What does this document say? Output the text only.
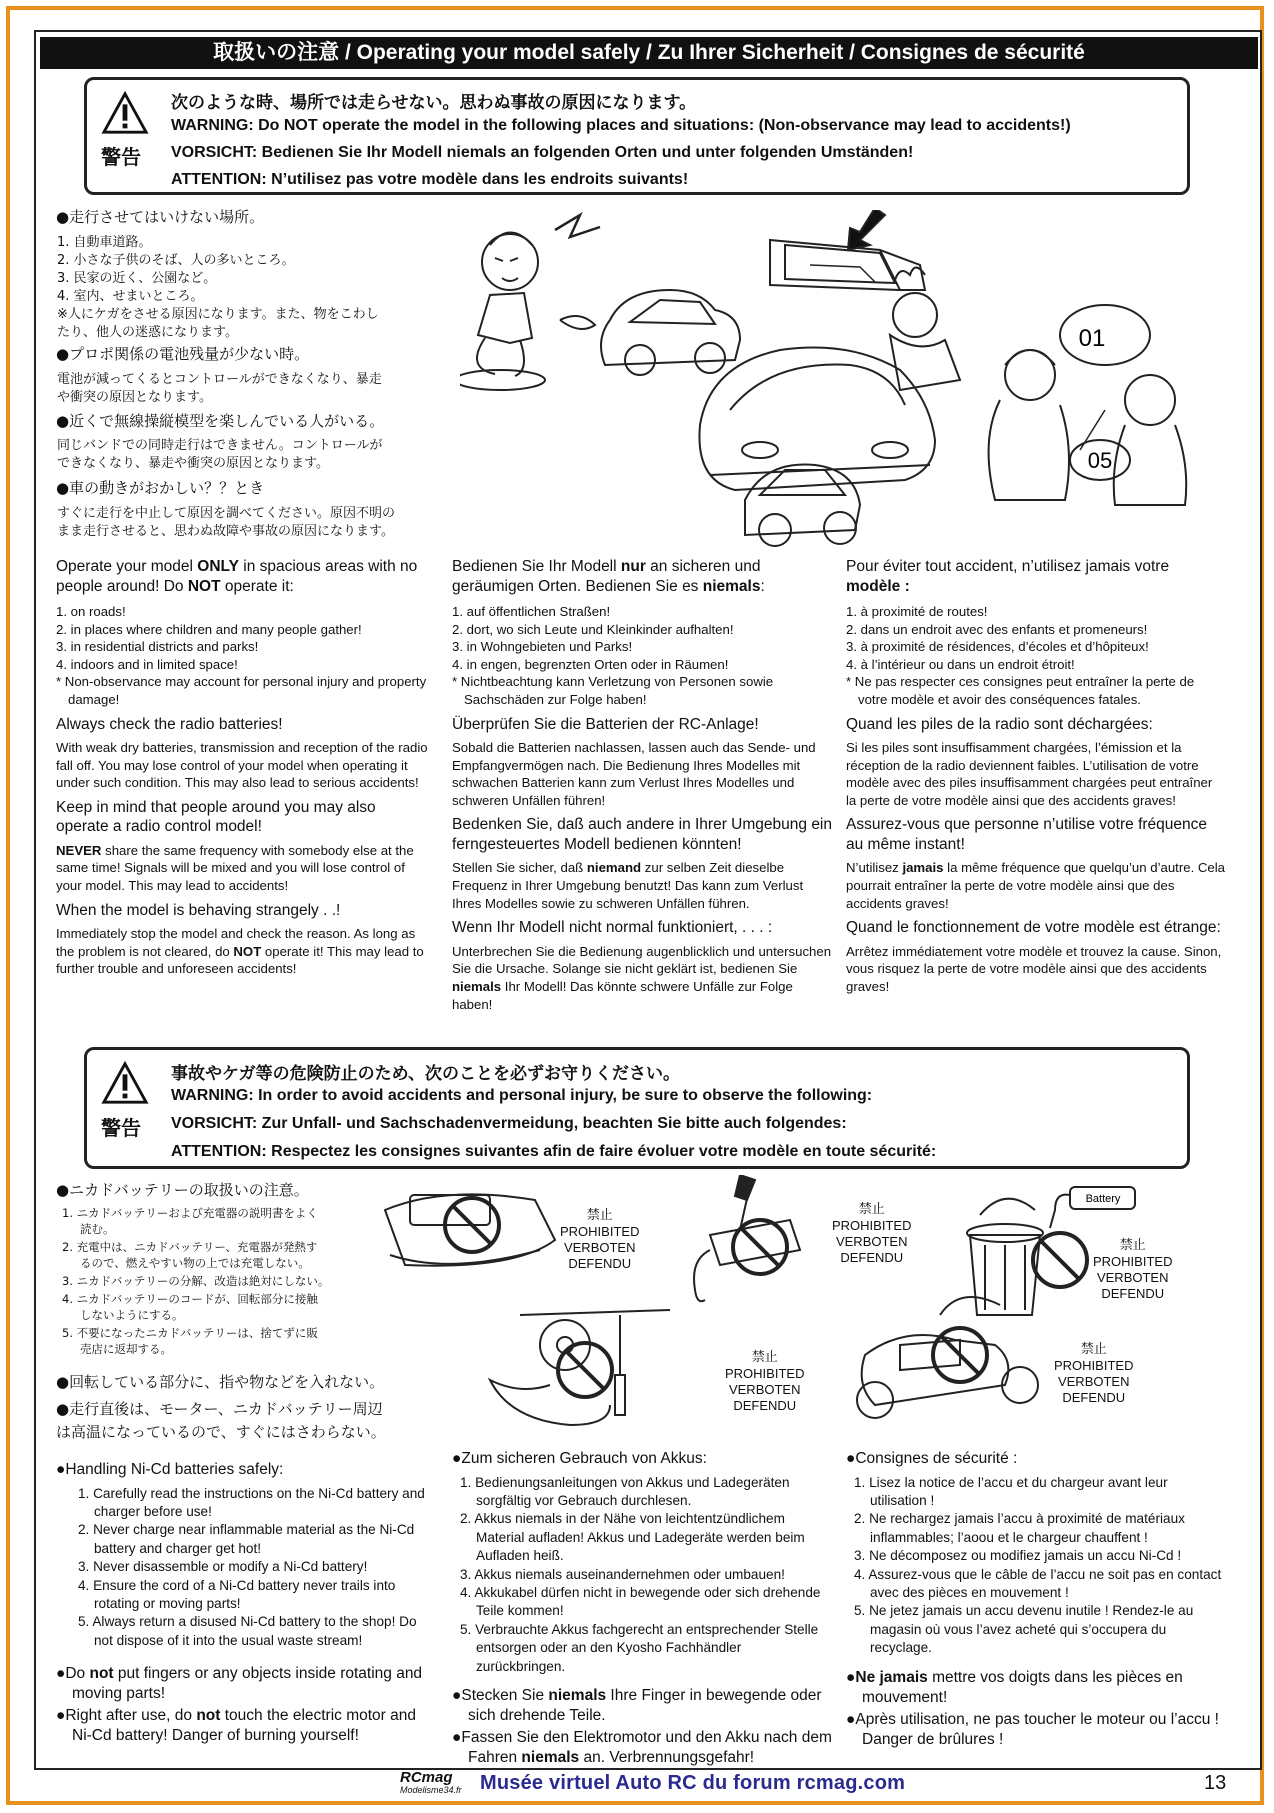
取扱いの注意 / Operating your model safely / Zu Ihrer Sicherheit / Consignes de sécurité
警告
次のような時、場所では走らせない。思わぬ事故の原因になります。
WARNING: Do NOT operate the model in the following places and situations: (Non-observance may lead to accidents!)
VORSICHT: Bedienen Sie Ihr Modell niemals an folgenden Orten und unter folgenden Umständen!
ATTENTION: N’utilisez pas votre modèle dans les endroits suivants!
●走行させてはいけない場所。
1. 自動車道路。
2. 小さな子供のそば、人の多いところ。
3. 民家の近く、公園など。
4. 室内、せまいところ。
※人にケガをさせる原因になります。また、物をこわし
たり、他人の迷惑になります。
●プロポ関係の電池残量が少ない時。
電池が減ってくるとコントロールができなくなり、暴走
や衝突の原因となります。
●近くで無線操縦模型を楽しんでいる人がいる。
同じバンドでの同時走行はできません。コントロールが
できなくなり、暴走や衝突の原因となります。
●車の動きがおかしい？？とき
すぐに走行を中止して原因を調べてください。原因不明の
まま走行させると、思わぬ故障や事故の原因になります。
01
05
Operate your model ONLY in spacious areas with no people around! Do NOT operate it:
1. on roads!
2. in places where children and many people gather!
3. in residential districts and parks!
4. indoors and in limited space!
* Non-observance may account for personal injury and property damage!
Always check the radio batteries!

With weak dry batteries, transmission and reception of the radio fall off. You may lose control of your model when operating it under such condition. This may also lead to serious accidents!

Keep in mind that people around you may also operate a radio control model!

NEVER share the same frequency with somebody else at the same time! Signals will be mixed and you will lose control of your model. This may lead to accidents!

When the model is behaving strangely . .!

Immediately stop the model and check the reason. As long as the problem is not cleared, do NOT operate it! This may lead to further trouble and unforeseen accidents!

Bedienen Sie Ihr Modell nur an sicheren und geräumigen Orten. Bedienen Sie es niemals:
1. auf öffentlichen Straßen!
2. dort, wo sich Leute und Kleinkinder aufhalten!
3. in Wohngebieten und Parks!
4. in engen, begrenzten Orten oder in Räumen!
* Nichtbeachtung kann Verletzung von Personen sowie Sachschäden zur Folge haben!
Überprüfen Sie die Batterien der RC-Anlage!

Sobald die Batterien nachlassen, lassen auch das Sende- und Empfangvermögen nach. Die Bedienung Ihres Modelles mit schwachen Batterien kann zum Verlust Ihres Modelles und schweren Unfällen führen!

Bedenken Sie, daß auch andere in Ihrer Umgebung ein ferngesteuertes Modell bedienen könnten!

Stellen Sie sicher, daß niemand zur selben Zeit dieselbe Frequenz in Ihrer Umgebung benutzt! Das kann zum Verlust Ihres Modelles sowie zu schweren Unfällen führen.

Wenn Ihr Modell nicht normal funktioniert, . . . :

Unterbrechen Sie die Bedienung augenblicklich und untersuchen Sie die Ursache. Solange sie nicht geklärt ist, bedienen Sie niemals Ihr Modell! Das könnte schwere Unfälle zur Folge haben!

Pour éviter tout accident, n’utilisez jamais votre modèle :
1. à proximité de routes!
2. dans un endroit avec des enfants et promeneurs!
3. à proximité de résidences, d’écoles et d’hôpiteux!
4. à l’intérieur ou dans un endroit étroit!
* Ne pas respecter ces consignes peut entraîner la perte de votre modèle et avoir des conséquences fatales.
Quand les piles de la radio sont déchargées:

Si les piles sont insuffisamment chargées, l’émission et la réception de la radio deviennent faibles. L’utilisation de votre modèle avec des piles insuffisamment chargées peut entraîner la perte de votre modèle ainsi que des accidents graves!

Assurez-vous que personne n’utilise votre fréquence au même instant!

N’utilisez jamais la même fréquence que quelqu’un d’autre. Cela pourrait entraîner la perte de votre modèle ainsi que des accidents graves!

Quand le fonctionnement de votre modèle est étrange:

Arrêtez immédiatement votre modèle et trouvez la cause. Sinon, vous risquez la perte de votre modèle ainsi que des accidents graves!

警告
事故やケガ等の危険防止のため、次のことを必ずお守りください。
WARNING: In order to avoid accidents and personal injury, be sure to observe the following:
VORSICHT: Zur Unfall- und Sachschadenvermeidung, beachten Sie bitte auch folgendes:
ATTENTION: Respectez les consignes suivantes afin de faire évoluer votre modèle en toute sécurité:
●ニカドバッテリーの取扱いの注意。
1. ニカドバッテリーおよび充電器の説明書をよく
読む。
2. 充電中は、ニカドバッテリー、充電器が発熱す
るので、燃えやすい物の上では充電しない。
3. ニカドバッテリーの分解、改造は絶対にしない。
4. ニカドバッテリーのコードが、回転部分に接触
しないようにする。
5. 不要になったニカドバッテリーは、捨てずに販
売店に返却する。
●回転している部分に、指や物などを入れない。
●走行直後は、モーター、ニカドバッテリー周辺
は高温になっているので、すぐにはさわらない。
Battery
禁止
PROHIBITED
VERBOTEN
DEFENDU
禁止
PROHIBITED
VERBOTEN
DEFENDU
禁止
PROHIBITED
VERBOTEN
DEFENDU
禁止
PROHIBITED
VERBOTEN
DEFENDU
禁止
PROHIBITED
VERBOTEN
DEFENDU
●Handling Ni-Cd batteries safely:
1. Carefully read the instructions on the Ni-Cd battery and charger before use!
2. Never charge near inflammable material as the Ni-Cd battery and charger get hot!
3. Never disassemble or modify a Ni-Cd battery!
4. Ensure the cord of a Ni-Cd battery never trails into rotating or moving parts!
5. Always return a disused Ni-Cd battery to the shop! Do not dispose of it into the usual waste stream!
●Do not put fingers or any objects inside rotating and moving parts!
●Right after use, do not touch the electric motor and Ni-Cd battery! Danger of burning yourself!
●Zum sicheren Gebrauch von Akkus:
1. Bedienungsanleitungen von Akkus und Ladegeräten sorgfältig vor Gebrauch durchlesen.
2. Akkus niemals in der Nähe von leichtentzündlichem Material aufladen! Akkus und Ladegeräte werden beim Aufladen heiß.
3. Akkus niemals auseinandernehmen oder umbauen!
4. Akkukabel dürfen nicht in bewegende oder sich drehende Teile kommen!
5. Verbrauchte Akkus fachgerecht an entsprechender Stelle entsorgen oder an den Kyosho Fachhändler zurückbringen.
●Stecken Sie niemals Ihre Finger in bewegende oder sich drehende Teile.
●Fassen Sie den Elektromotor und den Akku nach dem Fahren niemals an. Verbrennungsgefahr!
●Consignes de sécurité :
1. Lisez la notice de l’accu et du chargeur avant leur utilisation !
2. Ne rechargez jamais l’accu à proximité de matériaux inflammables; l’aoou et le chargeur chauffent !
3. Ne décomposez ou modifiez jamais un accu Ni-Cd !
4. Assurez-vous que le câble de l’accu ne soit pas en contact avec des pièces en mouvement !
5. Ne jetez jamais un accu devenu inutile ! Rendez-le au magasin où vous l’avez acheté qui s’occupera du recyclage.
●Ne jamais mettre vos doigts dans les pièces en mouvement!
●Après utilisation, ne pas toucher le moteur ou l’accu ! Danger de brûlures !
RCmag
Modelisme34.fr Musée virtuel Auto RC du forum rcmag.com	13
